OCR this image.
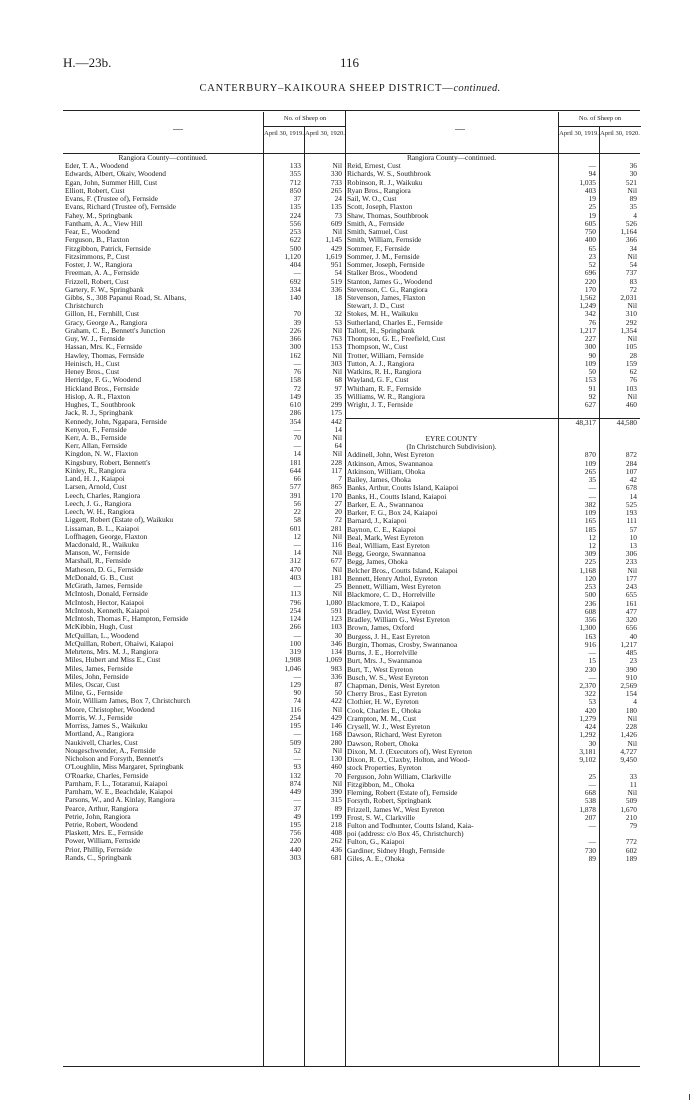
H.—23b.	116
CANTERBURY–KAIKOURA SHEEP DISTRICT—continued.
—
No. of Sheep on
April 30, 1919. April 30, 1920.
Rangiora County—continued.
Eder, T. A., Woodend	133	Nil
Edwards, Albert, Okaiv, Woodend	355	330
Egan, John, Summer Hill, Cust	712	733
Elliott, Robert, Cust	850	265
Evans, F. (Trustee of), Fernside	37	24
Evans, Richard (Trustee of), Fernside	135	135
Fahey, M., Springbank	224	73
Fantham, A. A., View Hill	556	609
Fear, E., Woodend	253	Nil
Ferguson, B., Flaxton	622	1,145
Fitzgibbon, Patrick, Fernside	500	429
Fitzsimmons, P., Cust	1,120	1,619
Foster, J. W., Rangiora	404	951
Freeman, A. A., Fernside	—	54
Frizzell, Robert, Cust	692	519
Gartery, F. W., Springbank	334	336
Gibbs, S., 308 Papanui Road, St. Albans,	140	18
Christchurch
Gillon, H., Fernhill, Cust	70	32
Gracy, George A., Rangiora	39	53
Graham, C. E., Bennett's Junction	226	Nil
Guy, W. J., Fernside	366	763
Hassan, Mrs. K., Fernside	300	153
Hawley, Thomas, Fernside	162	Nil
Heinisch, H., Cust	—	303
Heney Bros., Cust	76	Nil
Herridge, F. G., Woodend	158	68
Hickland Bros., Fernside	72	97
Hislop, A. R., Flaxton	149	35
Hughes, T., Southbrook	610	299
Jack, R. J., Springbank	286	175
Kennedy, John, Ngapara, Fernside	354	442
Kenyon, F., Fernside	—	14
Kerr, A. B., Fernside	70	Nil
Kerr, Allan, Fernside	—	64
Kingdon, N. W., Flaxton	14	Nil
Kingsbury, Robert, Bennett's	181	228
Kinley, R., Rangiora	644	117
Land, H. J., Kaiapoi	66	7
Larsen, Arnold, Cust	577	865
Leech, Charles, Rangiora	391	170
Leech, J. G., Rangiora	56	27
Leech, W. H., Rangiora	22	20
Liggett, Robert (Estate of), Waikuku	58	72
Lissaman, B. L., Kaiapoi	601	281
Loffhagen, George, Flaxton	12	Nil
Macdonald, R., Waikuku	—	116
Manson, W., Fernside	14	Nil
Marshall, R., Fernside	312	677
Matheson, D. G., Fernside	470	Nil
McDonald, G. B., Cust	403	181
McGrath, James, Fernside	—	25
McIntosh, Donald, Fernside	113	Nil
McIntosh, Hector, Kaiapoi	796	1,080
McIntosh, Kenneth, Kaiapoi	254	591
McIntosh, Thomas F., Hampton, Fernside	124	123
McKibbin, Hugh, Cust	266	103
McQuillan, L., Woodend	—	30
McQuillan, Robert, Ohaiwi, Kaiapoi	100	346
Mehrtens, Mrs. M. J., Rangiora	319	134
Miles, Hubert and Miss E., Cust	1,908	1,069
Miles, James, Fernside	1,046	983
Miles, John, Fernside	—	336
Miles, Oscar, Cust	129	87
Milne, G., Fernside	90	50
Moir, William James, Box 7, Christchurch	74	422
Moore, Christopher, Woodend	116	Nil
Morris, W. J., Fernside	254	429
Morriss, James S., Waikuku	195	146
Mortland, A., Rangiora	—	168
Naukivell, Charles, Cust	509	280
Nougeschwender, A., Fernside	52	Nil
Nicholson and Forsyth, Bennett's	—	130
O'Loughlin, Miss Margaret, Springbank	93	460
O'Roarke, Charles, Fernside	132	70
Parnham, F. L., Totaranui, Kaiapoi	874	Nil
Parnham, W. E., Beachdale, Kaiapoi	449	390
Parsons, W., and A. Kinlay, Rangiora	—	315
Pearce, Arthur, Rangiora	37	89
Petrie, John, Rangiora	49	199
Petrie, Robert, Woodend	195	218
Plaskett, Mrs. E., Fernside	756	408
Power, William, Fernside	220	262
Prior, Phillip, Fernside	440	436
Rands, C., Springbank	303	681
—
No. of Sheep on
April 30, 1919. April 30, 1920.
Rangiora County—continued.
Reid, Ernest, Cust	—	36
Richards, W. S., Southbrook	94	30
Robinson, R. J., Waikuku	1,035	521
Ryan Bros., Rangiora	403	Nil
Sail, W. O., Cust	19	89
Scott, Joseph, Flaxton	25	35
Shaw, Thomas, Southbrook	19	4
Smith, A., Fernside	605	526
Smith, Samuel, Cust	750	1,164
Smith, William, Fernside	400	366
Sommer, F., Fernside	65	34
Sommer, J. M., Fernside	23	Nil
Sommer, Joseph, Fernside	52	54
Stalker Bros., Woodend	696	737
Stanton, James G., Woodend	220	83
Stevenson, C. G., Rangiora	170	72
Stevenson, James, Flaxton	1,562	2,031
Stewart, J. D., Cust	1,249	Nil
Stokes, M. H., Waikuku	342	310
Sutherland, Charles E., Fernside	76	292
Tallott, H., Springbank	1,217	1,354
Thompson, G. E., Freefield, Cust	227	Nil
Thompson, W., Cust	300	105
Trotter, William, Fernside	90	28
Tutton, A. J., Rangiora	109	159
Watkins, R. H., Rangiora	50	62
Wayland, G. F., Cust	153	76
Whitham, R. F., Fernside	91	103
Williams, W. R., Rangiora	92	Nil
Wright, J. T., Fernside	627	460
48,317	44,580
EYRE COUNTY
(In Christchurch Subdivision).
Addinell, John, West Eyreton	870	872
Atkinson, Amos, Swannanoa	109	284
Atkinson, William, Ohoka	265	107
Bailey, James, Ohoka	35	42
Banks, Arthur, Coutts Island, Kaiapoi	—	678
Banks, H., Coutts Island, Kaiapoi	—	14
Barker, E. A., Swannanoa	382	525
Barker, F. G., Box 24, Kaiapoi	109	193
Barnard, J., Kaiapoi	165	111
Baynon, C. E., Kaiapoi	185	57
Beal, Mark, West Eyreton	12	10
Beal, William, East Eyreton	12	13
Begg, George, Swannanoa	309	306
Begg, James, Ohoka	225	233
Belcher Bros., Coutts Island, Kaiapoi	1,168	Nil
Bennett, Henry Athol, Eyreton	120	177
Bennett, William, West Eyreton	253	243
Blackmore, C. D., Horrelville	500	655
Blackmore, T. D., Kaiapoi	236	161
Bradley, David, West Eyreton	608	477
Bradley, William G., West Eyreton	356	320
Brown, James, Oxford	1,300	656
Burgess, J. H., East Eyreton	163	40
Burgin, Thomas, Crosby, Swannanoa	916	1,217
Burns, J. E., Horrelville	—	485
Burt, Mrs. J., Swannanoa	15	23
Burt, T., West Eyreton	230	390
Busch, W. S., West Eyreton	—	910
Chapman, Denis, West Eyreton	2,370	2,569
Cherry Bros., East Eyreton	322	154
Clothier, H. W., Eyreton	53	4
Cook, Charles E., Ohoka	420	180
Crampton, M. M., Cust	1,279	Nil
Crysell, W. J., West Eyreton	424	228
Dawson, Richard, West Eyreton	1,292	1,426
Dawson, Robert, Ohoka	30	Nil
Dixon, M. J. (Executors of), West Eyreton	3,181	4,727
Dixon, R. O., Claxby, Holton, and Wood-	9,102	9,450
stock Properties, Eyreton
Ferguson, John William, Clarkville	25	33
Fitzgibbon, M., Ohoka	—	11
Fleming, Robert (Estate of), Fernside	668	Nil
Forsyth, Robert, Springbank	538	509
Frizzell, James W., West Eyreton	1,878	1,670
Frost, S. W., Clarkville	207	210
Fulton and Todhunter, Coutts Island, Kaia-	—	79
poi (address: c/o Box 45, Christchurch)
Fulton, G., Kaiapoi	—	772
Gardiner, Sidney Hugh, Fernside	730	602
Giles, A. E., Ohoka	89	189
